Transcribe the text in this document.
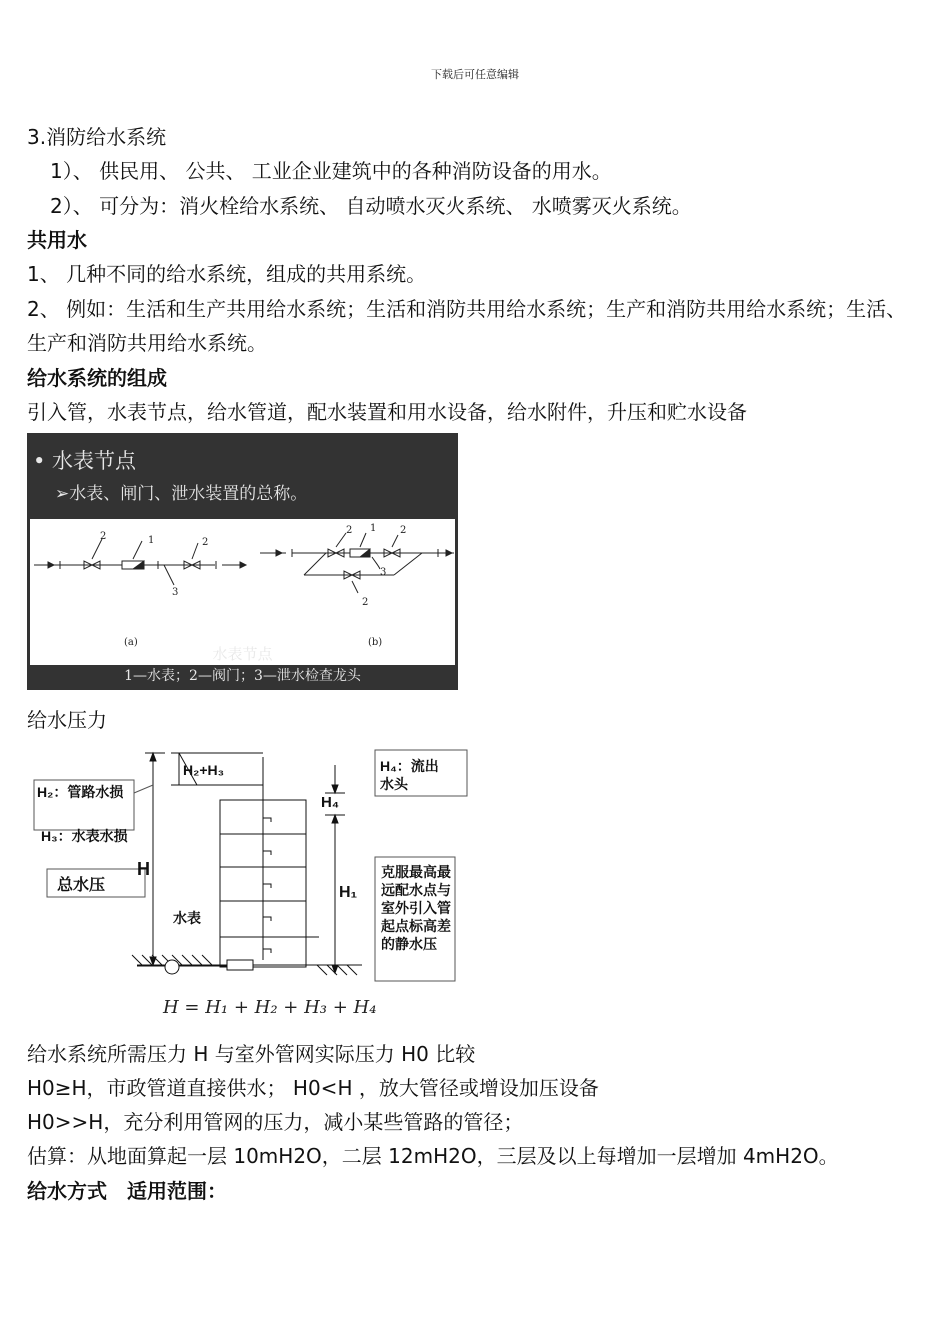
下载后可任意编辑
3.消防给水系统
1）、 供民用、 公共、 工业企业建筑中的各种消防设备的用水。
2）、 可分为：消火栓给水系统、 自动喷水灭火系统、 水喷雾灭火系统。
共用水
1、 几种不同的给水系统，组成的共用系统。
2、 例如：生活和生产共用给水系统；生活和消防共用给水系统；生产和消防共用给水系统；生活、 生产和消防共用给水系统。
给水系统的组成
引入管，水表节点，给水管道，配水装置和用水设备，给水附件，升压和贮水设备
• 水表节点
➢水表、闸门、泄水装置的总称。
2	1	2
3
(a)
2 1 2
3
2
(b)
水表节点
1—水表；2—阀门；3—泄水检查龙头
给水压力
H₂+H₃
H₂：管路水损
H₃：水表水损
H
总水压
水表
H₄：流出水头
H₄
H₁
克服最高最远配水点与室外引入管起点标高差的静水压
H = H₁ + H₂ + H₃ + H₄
给水系统所需压力 H 与室外管网实际压力 H0 比较
H0≥H，市政管道直接供水； H0<H ，放大管径或增设加压设备
H0>>H，充分利用管网的压力，减小某些管路的管径；
估算：从地面算起一层 10mH2O，二层 12mH2O，三层及以上每增加一层增加 4mH2O。
给水方式　适用范围：
